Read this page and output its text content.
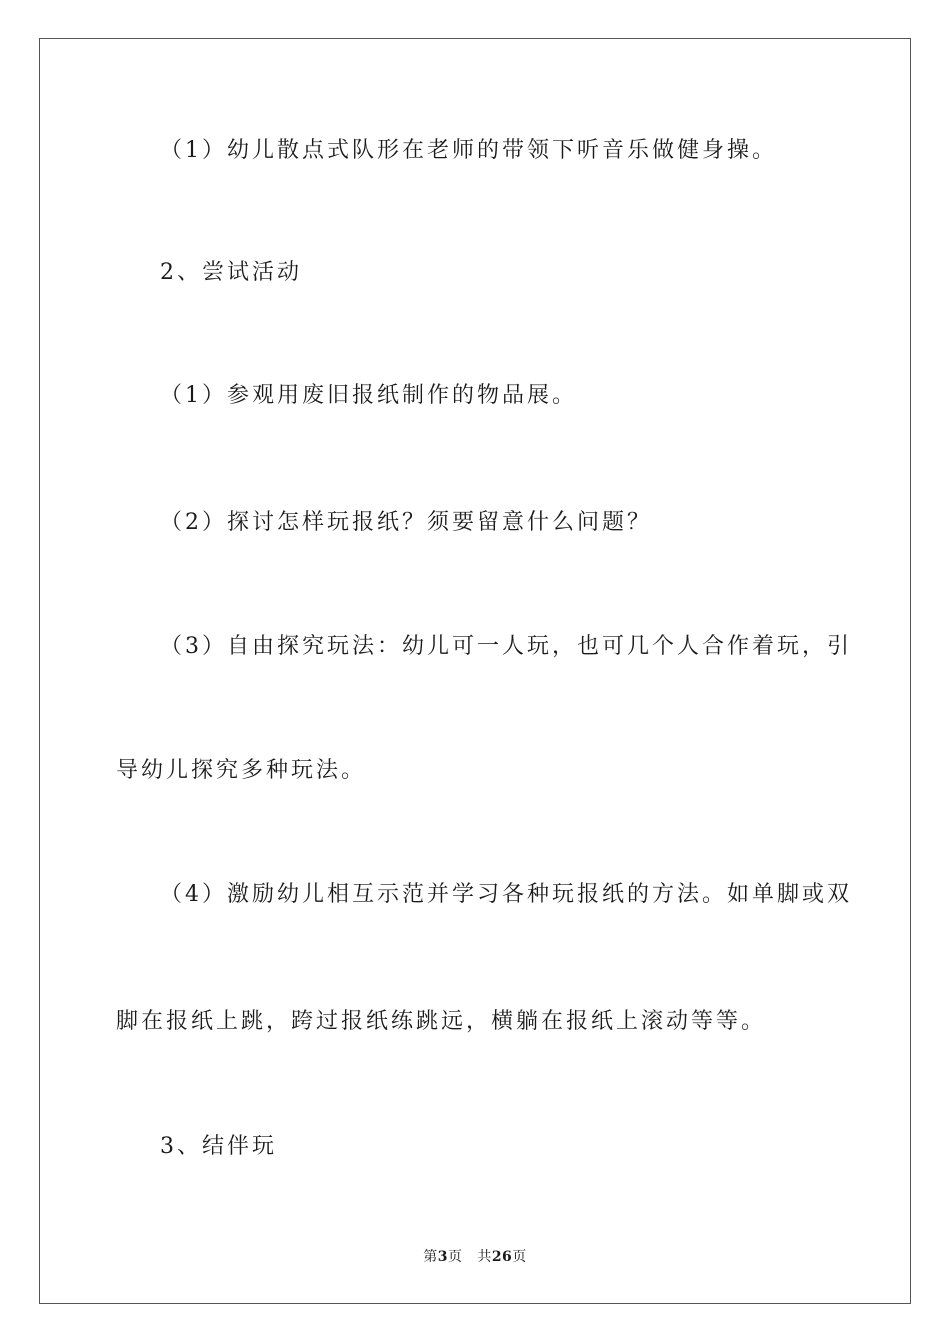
（1）幼儿散点式队形在老师的带领下听音乐做健身操。

2、尝试活动

（1）参观用废旧报纸制作的物品展。

（2）探讨怎样玩报纸？须要留意什么问题？

（3）自由探究玩法：幼儿可一人玩，也可几个人合作着玩，引

导幼儿探究多种玩法。

（4）激励幼儿相互示范并学习各种玩报纸的方法。如单脚或双

脚在报纸上跳，跨过报纸练跳远，横躺在报纸上滚动等等。

3、结伴玩

第3页 共26页
